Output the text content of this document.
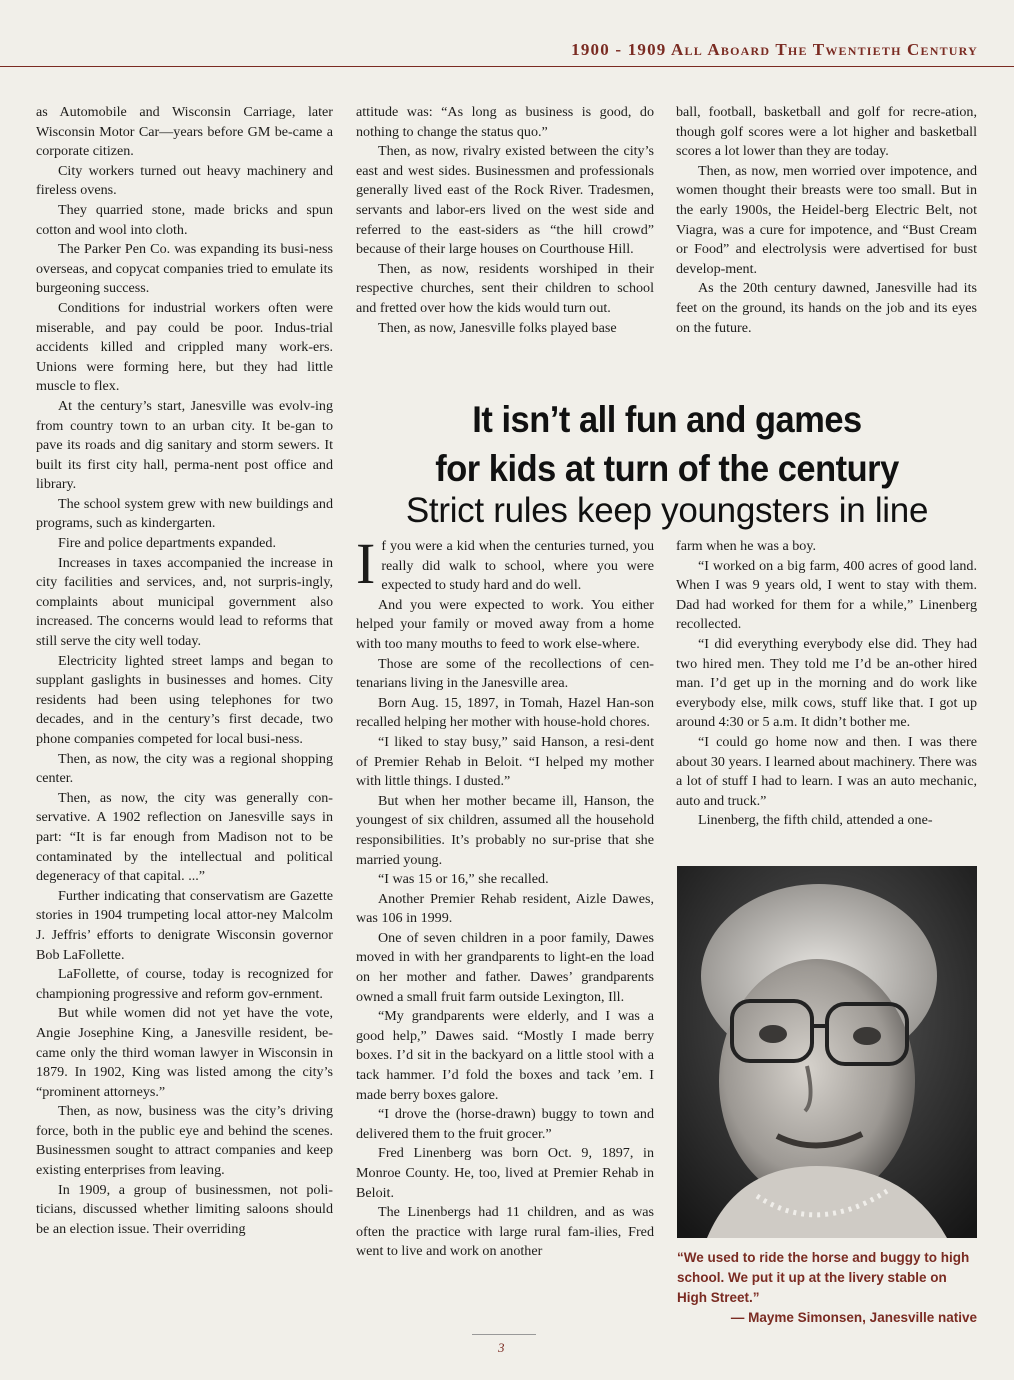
1900 - 1909 All Aboard The Twentieth Century

as Automobile and Wisconsin Carriage, later Wisconsin Motor Car—years before GM be-came a corporate citizen.

City workers turned out heavy machinery and fireless ovens.

They quarried stone, made bricks and spun cotton and wool into cloth.

The Parker Pen Co. was expanding its busi-ness overseas, and copycat companies tried to emulate its burgeoning success.

Conditions for industrial workers often were miserable, and pay could be poor. Indus-trial accidents killed and crippled many work-ers. Unions were forming here, but they had little muscle to flex.

At the century’s start, Janesville was evolv-ing from country town to an urban city. It be-gan to pave its roads and dig sanitary and storm sewers. It built its first city hall, perma-nent post office and library.

The school system grew with new buildings and programs, such as kindergarten.

Fire and police departments expanded.

Increases in taxes accompanied the increase in city facilities and services, and, not surpris-ingly, complaints about municipal government also increased. The concerns would lead to reforms that still serve the city well today.

Electricity lighted street lamps and began to supplant gaslights in businesses and homes. City residents had been using telephones for two decades, and in the century’s first decade, two phone companies competed for local busi-ness.

Then, as now, the city was a regional shopping center.

Then, as now, the city was generally con-servative. A 1902 reflection on Janesville says in part: “It is far enough from Madison not to be contaminated by the intellectual and political degeneracy of that capital. ...”

Further indicating that conservatism are Gazette stories in 1904 trumpeting local attor-ney Malcolm J. Jeffris’ efforts to denigrate Wisconsin governor Bob LaFollette.

LaFollette, of course, today is recognized for championing progressive and reform gov-ernment.

But while women did not yet have the vote, Angie Josephine King, a Janesville resident, be-came only the third woman lawyer in Wisconsin in 1879. In 1902, King was listed among the city’s “prominent attorneys.”

Then, as now, business was the city’s driving force, both in the public eye and behind the scenes. Businessmen sought to attract companies and keep existing enterprises from leaving.

In 1909, a group of businessmen, not poli-ticians, discussed whether limiting saloons should be an election issue. Their overriding

attitude was: “As long as business is good, do nothing to change the status quo.”

Then, as now, rivalry existed between the city’s east and west sides. Businessmen and professionals generally lived east of the Rock River. Tradesmen, servants and labor-ers lived on the west side and referred to the east-siders as “the hill crowd” because of their large houses on Courthouse Hill.

Then, as now, residents worshiped in their respective churches, sent their children to school and fretted over how the kids would turn out.

Then, as now, Janesville folks played base

ball, football, basketball and golf for recre-ation, though golf scores were a lot higher and basketball scores a lot lower than they are today.

Then, as now, men worried over impotence, and women thought their breasts were too small. But in the early 1900s, the Heidel-berg Electric Belt, not Viagra, was a cure for impotence, and “Bust Cream or Food” and electrolysis were advertised for bust develop-ment.

As the 20th century dawned, Janesville had its feet on the ground, its hands on the job and its eyes on the future.

It isn’t all fun and games
for kids at turn of the century
Strict rules keep youngsters in line

If you were a kid when the centuries turned, you really did walk to school, where you were expected to study hard and do well.

And you were expected to work. You either helped your family or moved away from a home with too many mouths to feed to work else-where.

Those are some of the recollections of cen-tenarians living in the Janesville area.

Born Aug. 15, 1897, in Tomah, Hazel Han-son recalled helping her mother with house-hold chores.

“I liked to stay busy,” said Hanson, a resi-dent of Premier Rehab in Beloit. “I helped my mother with little things. I dusted.”

But when her mother became ill, Hanson, the youngest of six children, assumed all the household responsibilities. It’s probably no sur-prise that she married young.

“I was 15 or 16,” she recalled.

Another Premier Rehab resident, Aizle Dawes, was 106 in 1999.

One of seven children in a poor family, Dawes moved in with her grandparents to light-en the load on her mother and father. Dawes’ grandparents owned a small fruit farm outside Lexington, Ill.

“My grandparents were elderly, and I was a good help,” Dawes said. “Mostly I made berry boxes. I’d sit in the backyard on a little stool with a tack hammer. I’d fold the boxes and tack ’em. I made berry boxes galore.

“I drove the (horse-drawn) buggy to town and delivered them to the fruit grocer.”

Fred Linenberg was born Oct. 9, 1897, in Monroe County. He, too, lived at Premier Rehab in Beloit.

The Linenbergs had 11 children, and as was often the practice with large rural fam-ilies, Fred went to live and work on another

farm when he was a boy.

“I worked on a big farm, 400 acres of good land. When I was 9 years old, I went to stay with them. Dad had worked for them for a while,” Linenberg recollected.

“I did everything everybody else did. They had two hired men. They told me I’d be an-other hired man. I’d get up in the morning and do work like everybody else, milk cows, stuff like that. I got up around 4:30 or 5 a.m. It didn’t bother me.

“I could go home now and then. I was there about 30 years. I learned about machinery. There was a lot of stuff I had to learn. I was an auto mechanic, auto and truck.”

Linenberg, the fifth child, attended a one-

“We used to ride the horse and buggy to high school. We put it up at the livery stable on High Street.”
— Mayme Simonsen, Janesville native
3
